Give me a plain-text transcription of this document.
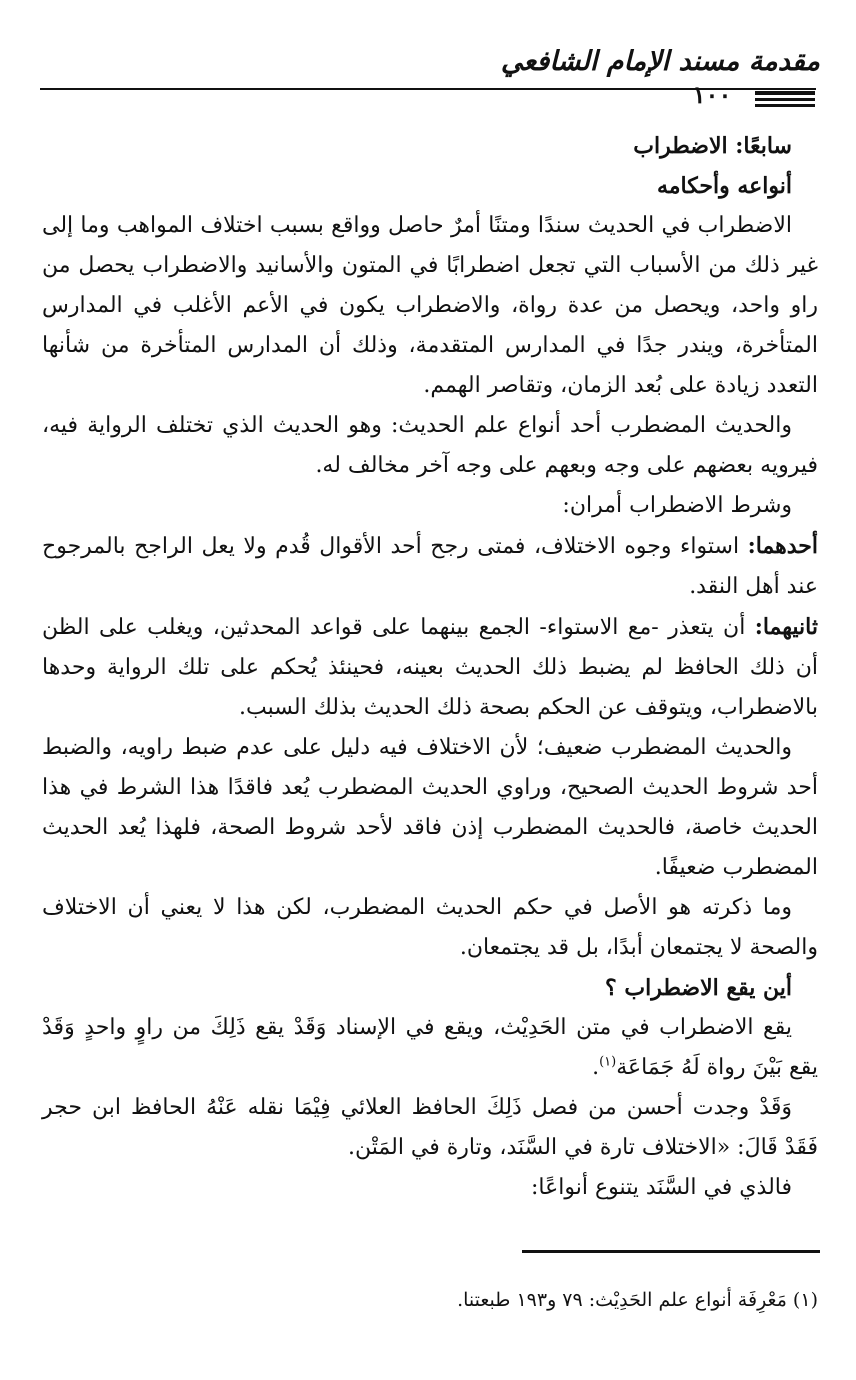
مقدمة مسند الإمام الشافعي
١٠٠

سابعًا: الاضطراب

أنواعه وأحكامه

الاضطراب في الحديث سندًا ومتنًا أمرٌ حاصل وواقع بسبب اختلاف المواهب وما إلى غير ذلك من الأسباب التي تجعل اضطرابًا في المتون والأسانيد والاضطراب يحصل من راو واحد، ويحصل من عدة رواة، والاضطراب يكون في الأعم الأغلب في المدارس المتأخرة، ويندر جدًا في المدارس المتقدمة، وذلك أن المدارس المتأخرة من شأنها التعدد زيادة على بُعد الزمان، وتقاصر الهمم.

والحديث المضطرب أحد أنواع علم الحديث: وهو الحديث الذي تختلف الرواية فيه، فيرويه بعضهم على وجه وبعهم على وجه آخر مخالف له.

وشرط الاضطراب أمران:

أحدهما: استواء وجوه الاختلاف، فمتى رجح أحد الأقوال قُدم ولا يعل الراجح بالمرجوح عند أهل النقد.

ثانيهما: أن يتعذر -مع الاستواء- الجمع بينهما على قواعد المحدثين، ويغلب على الظن أن ذلك الحافظ لم يضبط ذلك الحديث بعينه، فحينئذ يُحكم على تلك الرواية وحدها بالاضطراب، ويتوقف عن الحكم بصحة ذلك الحديث بذلك السبب.

والحديث المضطرب ضعيف؛ لأن الاختلاف فيه دليل على عدم ضبط راويه، والضبط أحد شروط الحديث الصحيح، وراوي الحديث المضطرب يُعد فاقدًا هذا الشرط في هذا الحديث خاصة، فالحديث المضطرب إذن فاقد لأحد شروط الصحة، فلهذا يُعد الحديث المضطرب ضعيفًا.

وما ذكرته هو الأصل في حكم الحديث المضطرب، لكن هذا لا يعني أن الاختلاف والصحة لا يجتمعان أبدًا، بل قد يجتمعان.

أين يقع الاضطراب ؟

يقع الاضطراب في متن الحَدِيْث، ويقع في الإسناد وَقَدْ يقع ذَلِكَ من راوٍ واحدٍ وَقَدْ يقع بَيْنَ رواة لَهُ جَمَاعَة$^{(١)}$.

وَقَدْ وجدت أحسن من فصل ذَلِكَ الحافظ العلائي فِيْمَا نقله عَنْهُ الحافظ ابن حجر فَقَدْ قَالَ: «الاختلاف تارة في السَّنَد، وتارة في المَتْن.

فالذي في السَّنَد يتنوع أنواعًا:

(١) مَعْرِفَة أنواع علم الحَدِيْث: ٧٩ و١٩٣ طبعتنا.
